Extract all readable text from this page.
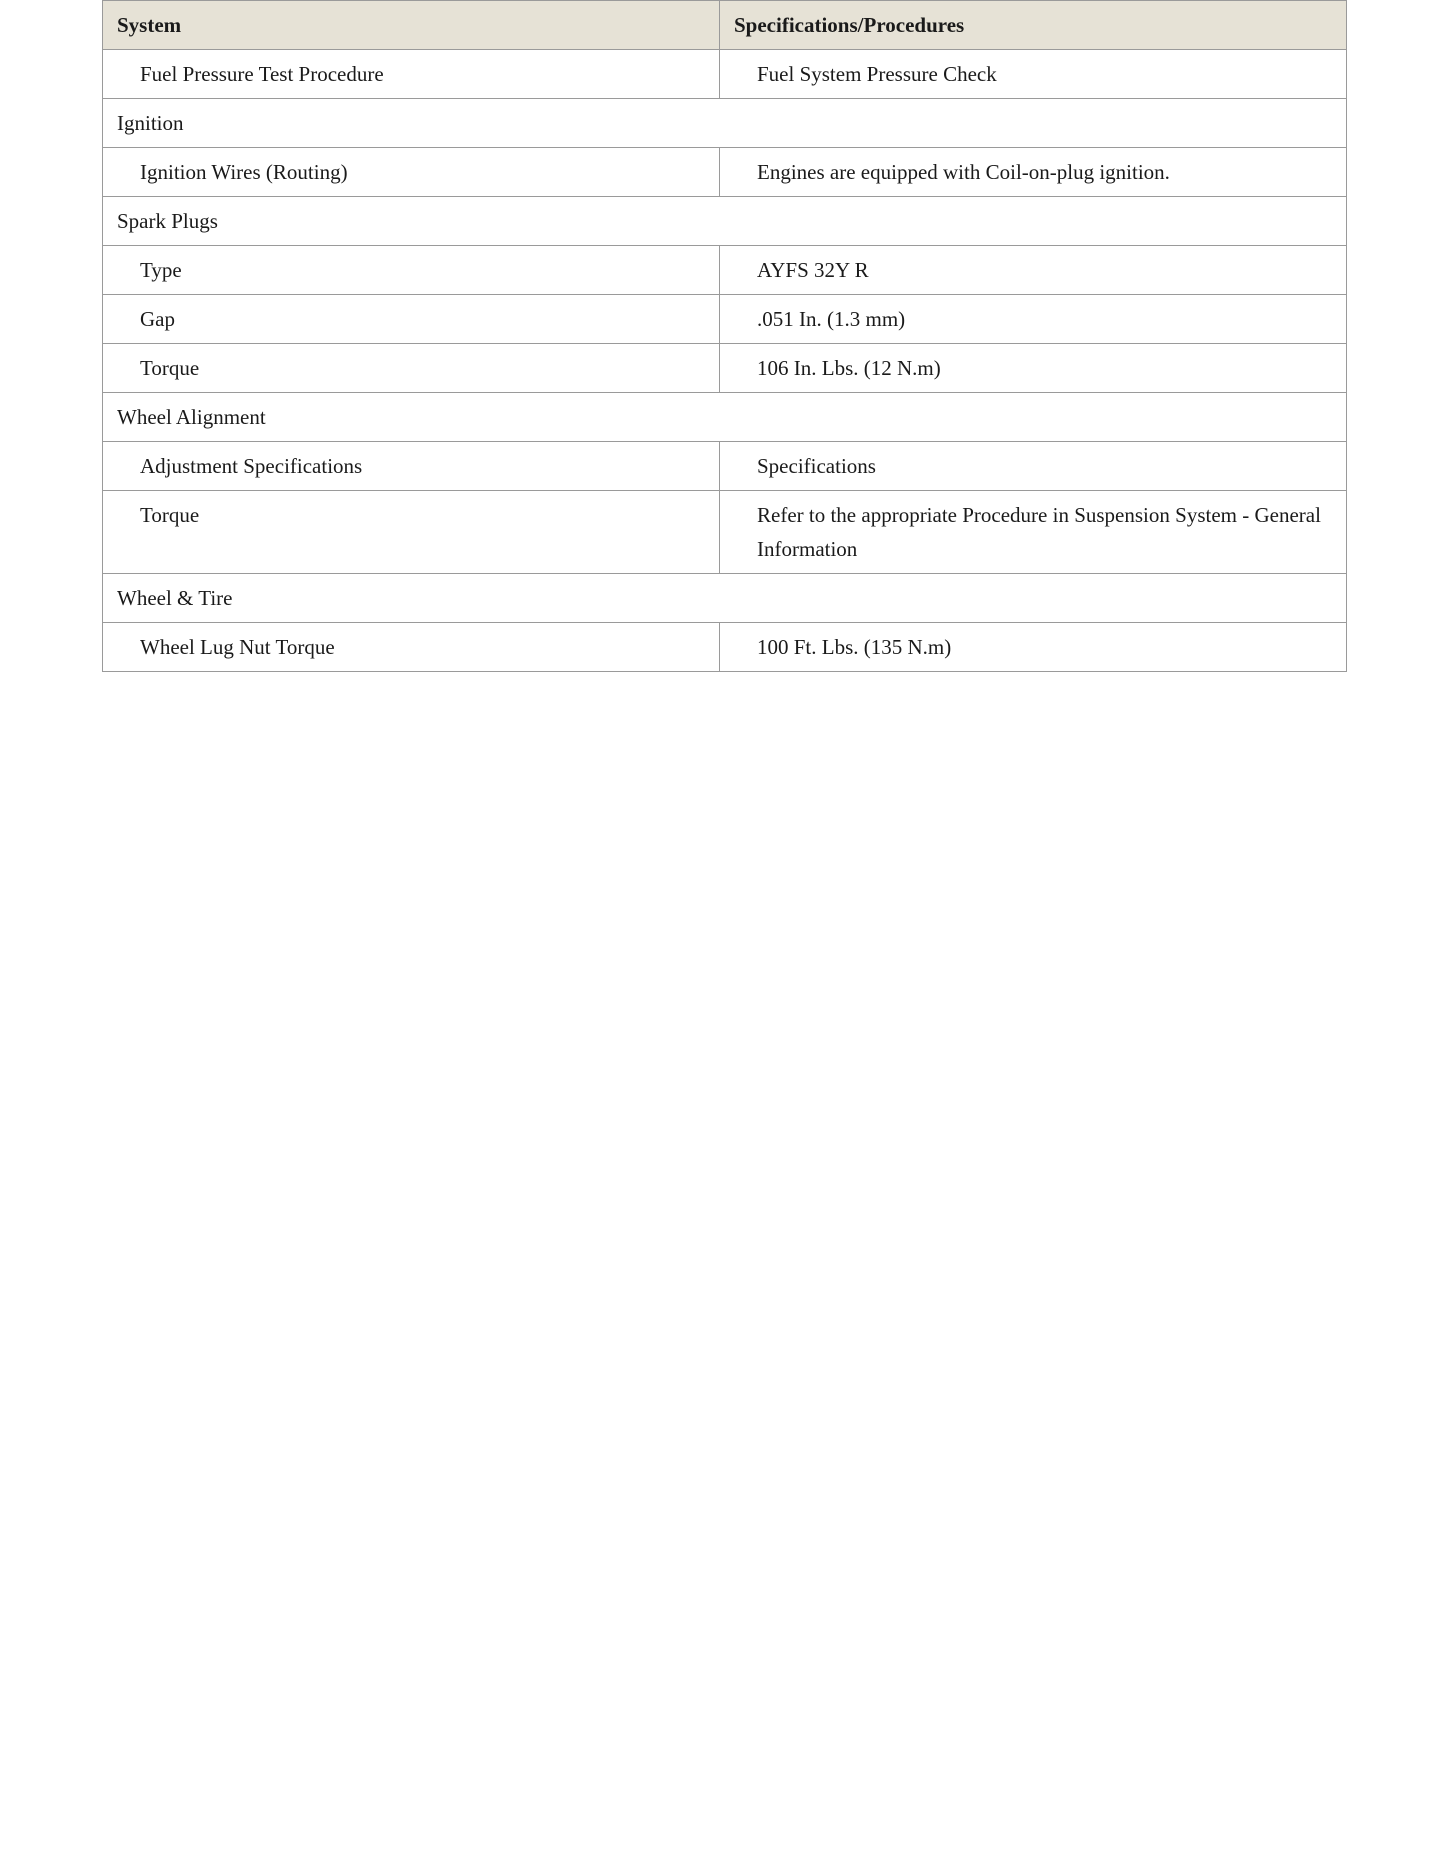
System	Specifications/Procedures
Fuel Pressure Test Procedure	Fuel System Pressure Check
Ignition	
Ignition Wires (Routing)	Engines are equipped with Coil-on-plug ignition.
Spark Plugs	
Type	AYFS 32Y R
Gap	.051 In. (1.3 mm)
Torque	106 In. Lbs. (12 N.m)
Wheel Alignment	
Adjustment Specifications	Specifications
Torque	Refer to the appropriate Procedure in Suspension System - General Information
Wheel & Tire	
Wheel Lug Nut Torque	100 Ft. Lbs. (135 N.m)
